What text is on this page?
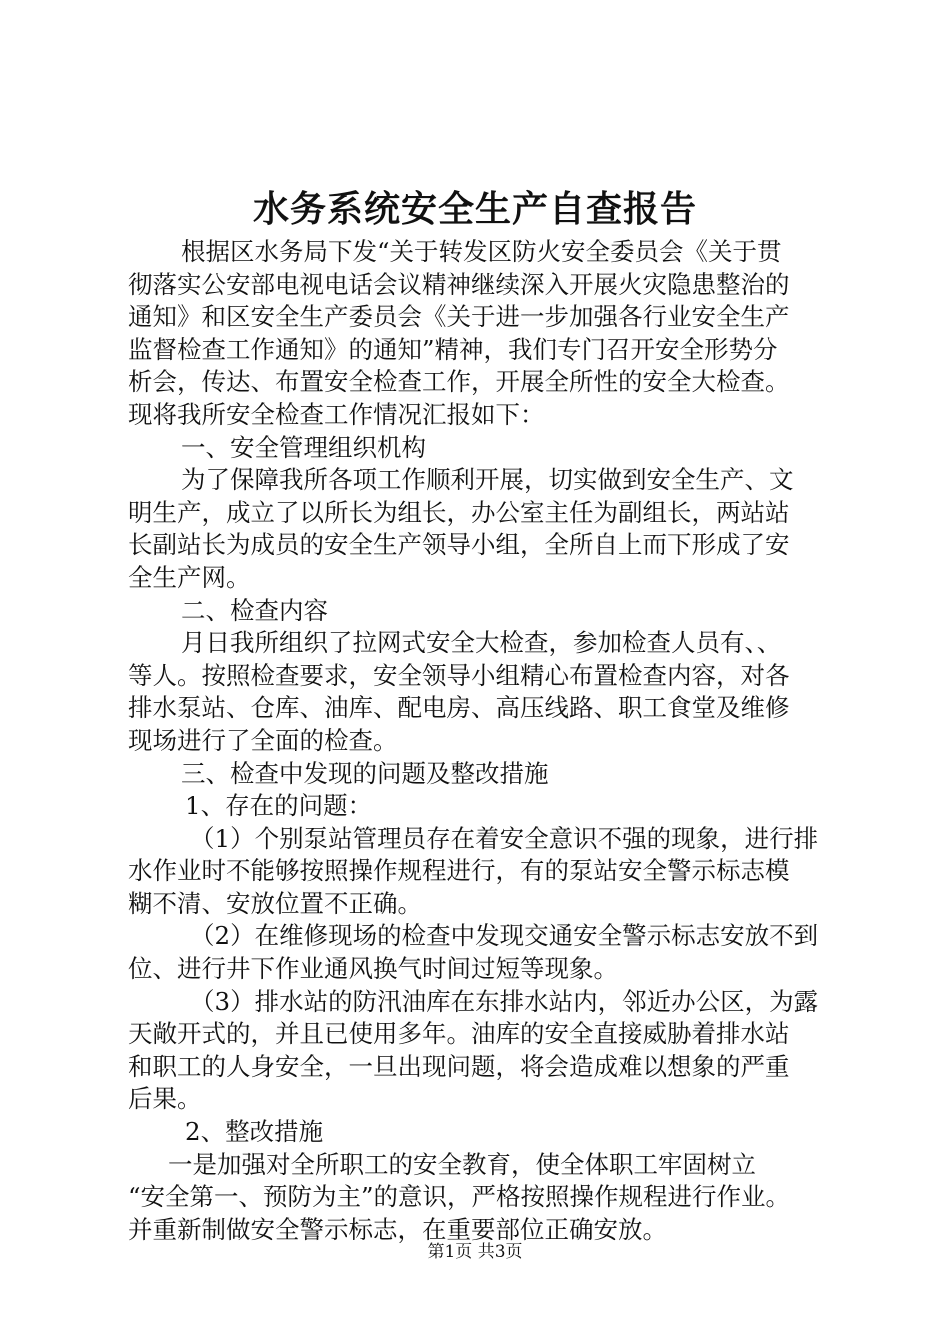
水务系统安全生产自查报告

根据区水务局下发“关于转发区防火安全委员会《关于贯

彻落实公安部电视电话会议精神继续深入开展火灾隐患整治的

通知》和区安全生产委员会《关于进一步加强各行业安全生产

监督检查工作通知》的通知”精神，我们专门召开安全形势分

析会，传达、布置安全检查工作，开展全所性的安全大检查。

现将我所安全检查工作情况汇报如下：

一、安全管理组织机构

为了保障我所各项工作顺利开展，切实做到安全生产、文

明生产，成立了以所长为组长，办公室主任为副组长，两站站

长副站长为成员的安全生产领导小组，全所自上而下形成了安

全生产网。

二、检查内容

月日我所组织了拉网式安全大检查，参加检查人员有、、

等人。按照检查要求，安全领导小组精心布置检查内容，对各

排水泵站、仓库、油库、配电房、高压线路、职工食堂及维修

现场进行了全面的检查。

三、检查中发现的问题及整改措施

1、存在的问题：

（1）个别泵站管理员存在着安全意识不强的现象，进行排

水作业时不能够按照操作规程进行，有的泵站安全警示标志模

糊不清、安放位置不正确。

（2）在维修现场的检查中发现交通安全警示标志安放不到

位、进行井下作业通风换气时间过短等现象。

（3）排水站的防汛油库在东排水站内，邻近办公区，为露

天敞开式的，并且已使用多年。油库的安全直接威胁着排水站

和职工的人身安全，一旦出现问题，将会造成难以想象的严重

后果。

2、整改措施

一是加强对全所职工的安全教育，使全体职工牢固树立

“安全第一、预防为主”的意识，严格按照操作规程进行作业。

并重新制做安全警示标志，在重要部位正确安放。

第1页 共3页
